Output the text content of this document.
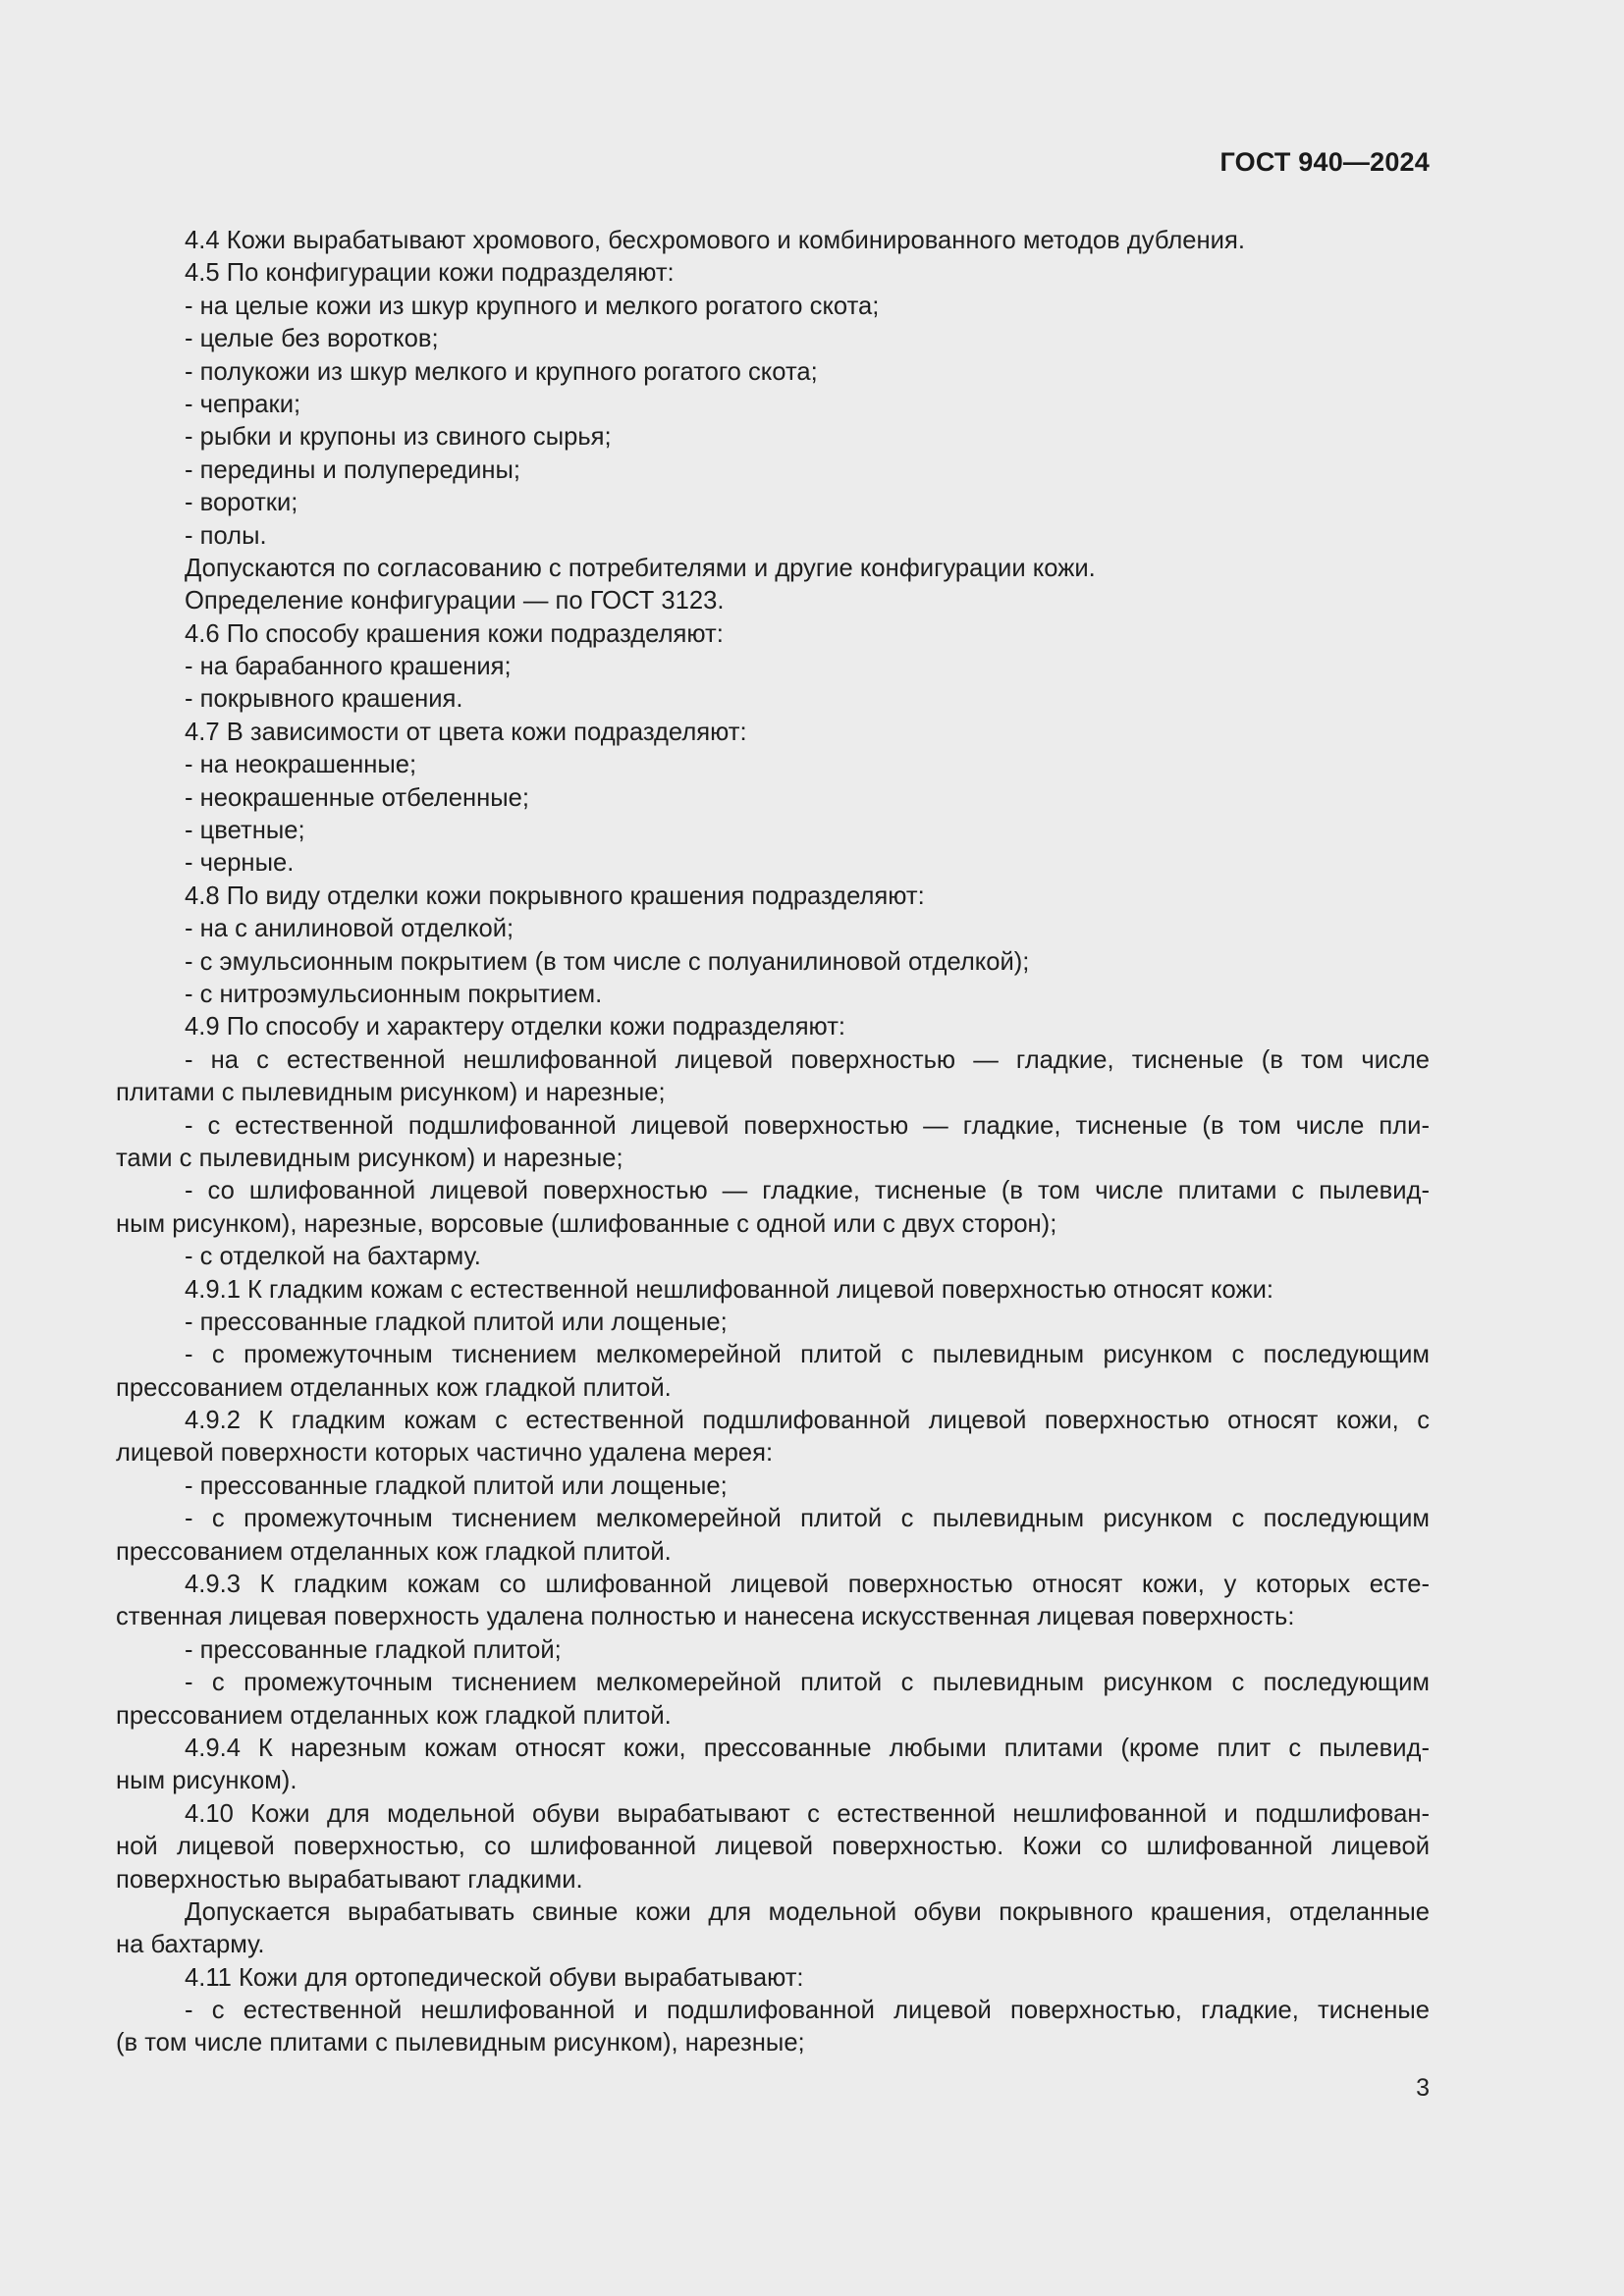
ГОСТ 940—2024
4.4 Кожи вырабатывают хромового, бесхромового и комбинированного методов дубления.
4.5 По конфигурации кожи подразделяют:
- на целые кожи из шкур крупного и мелкого рогатого скота;
- целые без воротков;
- полукожи из шкур мелкого и крупного рогатого скота;
- чепраки;
- рыбки и крупоны из свиного сырья;
- передины и полупередины;
- воротки;
- полы.
Допускаются по согласованию с потребителями и другие конфигурации кожи.
Определение конфигурации — по ГОСТ 3123.
4.6 По способу крашения кожи подразделяют:
- на барабанного крашения;
- покрывного крашения.
4.7 В зависимости от цвета кожи подразделяют:
- на неокрашенные;
- неокрашенные отбеленные;
- цветные;
- черные.
4.8 По виду отделки кожи покрывного крашения подразделяют:
- на с анилиновой отделкой;
- с эмульсионным покрытием (в том числе с полуанилиновой отделкой);
- с нитроэмульсионным покрытием.
4.9 По способу и характеру отделки кожи подразделяют:
- на с естественной нешлифованной лицевой поверхностью — гладкие, тисненые (в том числе
плитами с пылевидным рисунком) и нарезные;
- с естественной подшлифованной лицевой поверхностью — гладкие, тисненые (в том числе пли-
тами с пылевидным рисунком) и нарезные;
- со шлифованной лицевой поверхностью — гладкие, тисненые (в том числе плитами с пылевид-
ным рисунком), нарезные, ворсовые (шлифованные с одной или с двух сторон);
- с отделкой на бахтарму.
4.9.1 К гладким кожам с естественной нешлифованной лицевой поверхностью относят кожи:
- прессованные гладкой плитой или лощеные;
- с промежуточным тиснением мелкомерейной плитой с пылевидным рисунком с последующим
прессованием отделанных кож гладкой плитой.
4.9.2 К гладким кожам с естественной подшлифованной лицевой поверхностью относят кожи, с
лицевой поверхности которых частично удалена мерея:
- прессованные гладкой плитой или лощеные;
- с промежуточным тиснением мелкомерейной плитой с пылевидным рисунком с последующим
прессованием отделанных кож гладкой плитой.
4.9.3 К гладким кожам со шлифованной лицевой поверхностью относят кожи, у которых есте-
ственная лицевая поверхность удалена полностью и нанесена искусственная лицевая поверхность:
- прессованные гладкой плитой;
- с промежуточным тиснением мелкомерейной плитой с пылевидным рисунком с последующим
прессованием отделанных кож гладкой плитой.
4.9.4 К нарезным кожам относят кожи, прессованные любыми плитами (кроме плит с пылевид-
ным рисунком).
4.10 Кожи для модельной обуви вырабатывают с естественной нешлифованной и подшлифован-
ной лицевой поверхностью, со шлифованной лицевой поверхностью. Кожи со шлифованной лицевой
поверхностью вырабатывают гладкими.
Допускается вырабатывать свиные кожи для модельной обуви покрывного крашения, отделанные
на бахтарму.
4.11 Кожи для ортопедической обуви вырабатывают:
- с естественной нешлифованной и подшлифованной лицевой поверхностью, гладкие, тисненые
(в том числе плитами с пылевидным рисунком), нарезные;
3
